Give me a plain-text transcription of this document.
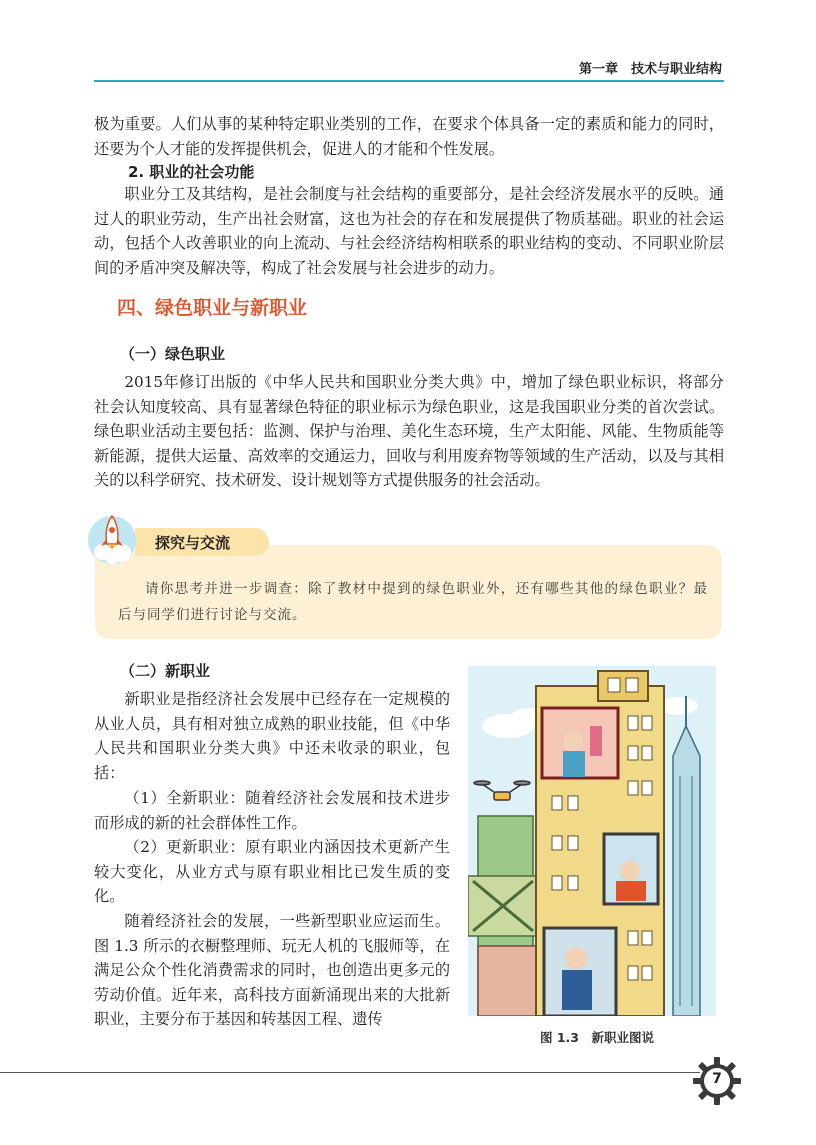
第一章　技术与职业结构

极为重要。人们从事的某种特定职业类别的工作，在要求个体具备一定的素质和能力的同时，还要为个人才能的发挥提供机会，促进人的才能和个性发展。

2. 职业的社会功能

职业分工及其结构，是社会制度与社会结构的重要部分，是社会经济发展水平的反映。通过人的职业劳动，生产出社会财富，这也为社会的存在和发展提供了物质基础。职业的社会运动，包括个人改善职业的向上流动、与社会经济结构相联系的职业结构的变动、不同职业阶层间的矛盾冲突及解决等，构成了社会发展与社会进步的动力。

四、绿色职业与新职业
（一）绿色职业

2015年修订出版的《中华人民共和国职业分类大典》中，增加了绿色职业标识，将部分社会认知度较高、具有显著绿色特征的职业标示为绿色职业，这是我国职业分类的首次尝试。绿色职业活动主要包括：监测、保护与治理、美化生态环境，生产太阳能、风能、生物质能等新能源，提供大运量、高效率的交通运力，回收与利用废弃物等领域的生产活动，以及与其相关的以科学研究、技术研发、设计规划等方式提供服务的社会活动。

探究与交流

请你思考并进一步调查：除了教材中提到的绿色职业外，还有哪些其他的绿色职业？最后与同学们进行讨论与交流。

（二）新职业

新职业是指经济社会发展中已经存在一定规模的从业人员，具有相对独立成熟的职业技能，但《中华人民共和国职业分类大典》中还未收录的职业，包括：

（1）全新职业：随着经济社会发展和技术进步而形成的新的社会群体性工作。

（2）更新职业：原有职业内涵因技术更新产生较大变化，从业方式与原有职业相比已发生质的变化。

随着经济社会的发展，一些新型职业应运而生。图 1.3 所示的衣橱整理师、玩无人机的飞服师等，在满足公众个性化消费需求的同时，也创造出更多元的劳动价值。近年来，高科技方面新涌现出来的大批新职业，主要分布于基因和转基因工程、遗传

图 1.3　新职业图说
7
